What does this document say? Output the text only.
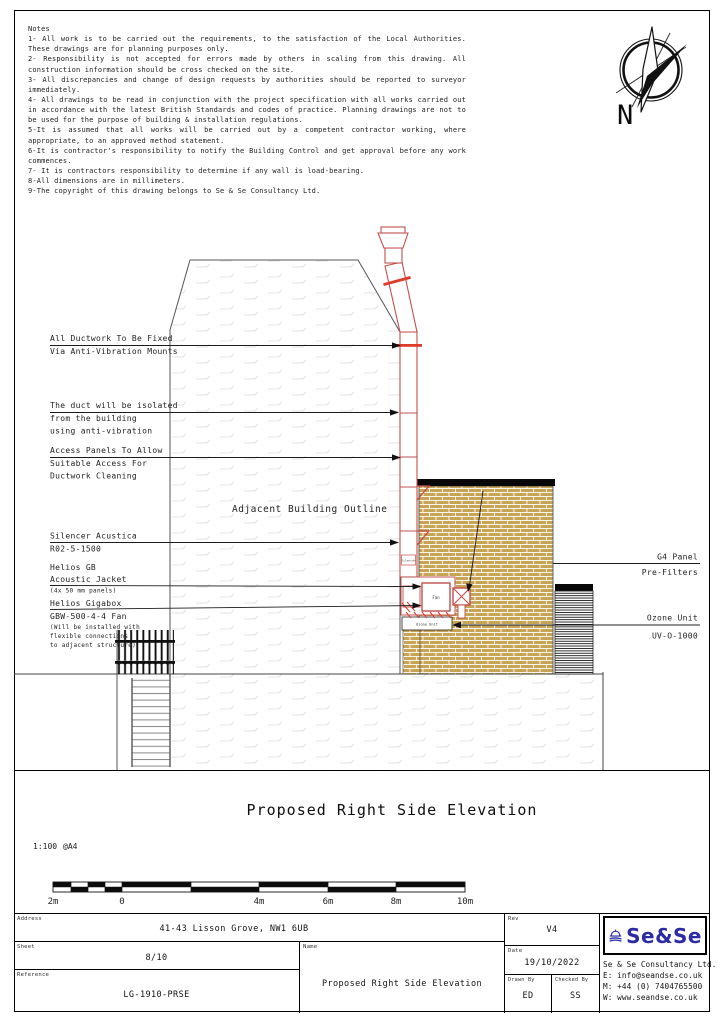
Notes

1- All work is to be carried out the requirements, to the satisfaction of the Local Authorities. These drawings are for planning purposes only.

2- Responsibility is not accepted for errors made by others in scaling from this drawing. All construction information should be cross checked on the site.

3- All discrepancies and change of design requests by authorities should be reported to surveyor immediately.

4- All drawings to be read in conjunction with the project specification with all works carried out in accordance with the latest British Standards and codes of practice. Planning drawings are not to be used for the purpose of building & installation regulations.

5-It is assumed that all works will be carried out by a competent contractor working, where appropriate, to an approved method statement.

6-It is contractor's responsibility to notify the Building Control and get approval before any work commences.

7- It is contractors responsibility to determine if any wall is load-bearing.

8-All dimensions are in millimeters.

9-The copyright of this drawing belongs to Se & Se Consultancy Ltd.

N
Silencer
Fan
Ozone Unit
All Ductwork To Be Fixed
Via Anti-Vibration Mounts
The duct will be isolated
from the building
using anti-vibration
Access Panels To Allow
Suitable Access For
Ductwork Cleaning
Silencer Acustica
R02-5-1500
Helios GB
Acoustic Jacket
(4x 50 mm panels)
Helios Gigabox
GBW-500-4-4 Fan
(Will be installed with
flexible connections
to adjacent structure)
Adjacent Building Outline
G4 Panel
Pre-Filters
Ozone Unit
UV-O-1000
1:100 @A4
2m	0	4m	6m	8m	10m
Proposed Right Side Elevation
Address
41-43 Lisson Grove, NW1 6UB
Sheet
8/10
Reference
LG-1910-PRSE
Name
Proposed Right Side Elevation
Rev
V4
Date
19/10/2022
Drawn By
ED
Checked By
SS
Se&Se
Se & Se Consultancy Ltd.
E: info@seandse.co.uk
M: +44 (0) 7404765500
W: www.seandse.co.uk
